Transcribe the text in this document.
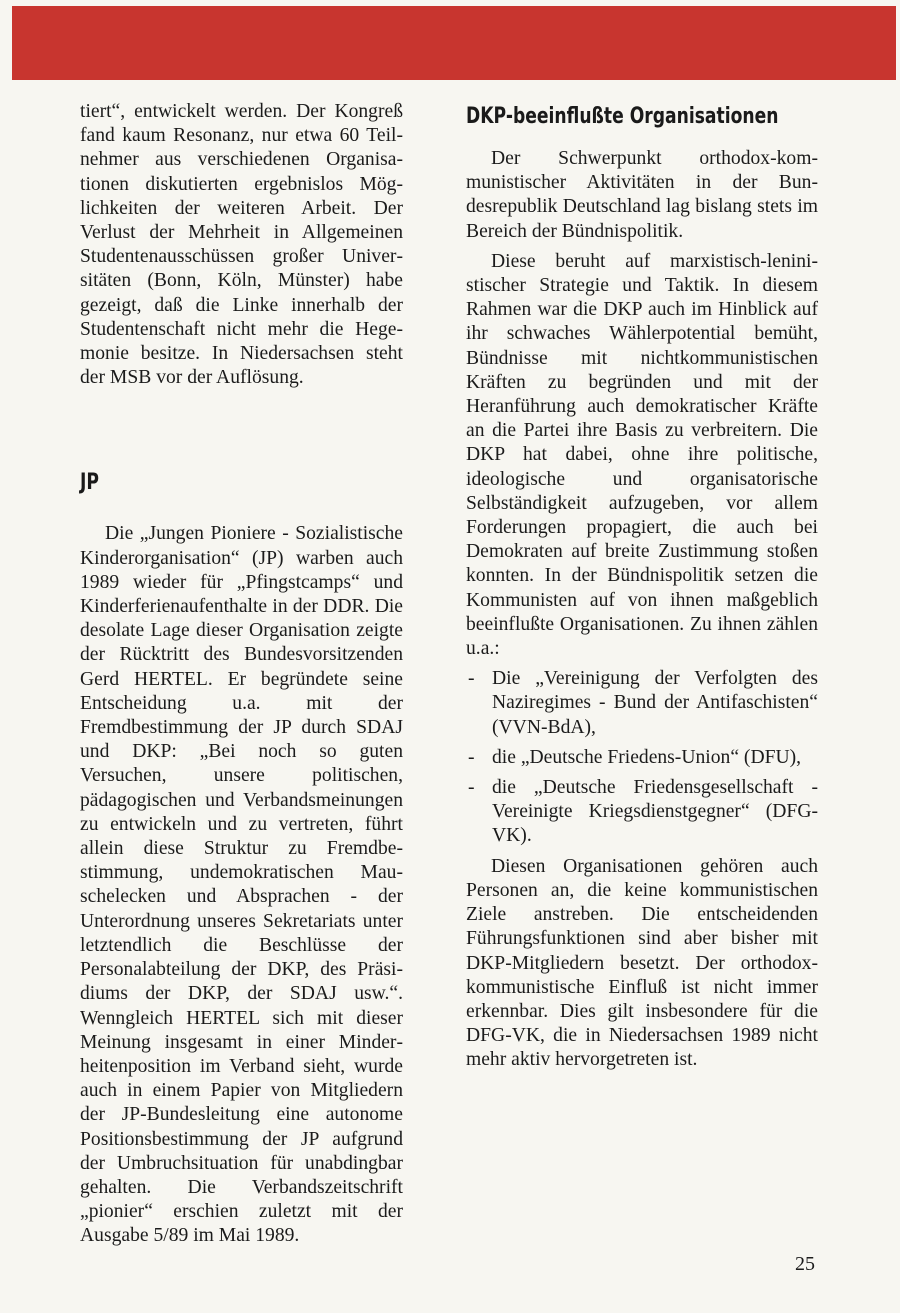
tiert“, entwickelt werden. Der Kongreß fand kaum Resonanz, nur etwa 60 Teilnehmer aus verschiedenen Organisationen diskutierten ergebnislos Möglichkeiten der weiteren Arbeit. Der Verlust der Mehrheit in Allgemeinen Studentenausschüssen großer Universitäten (Bonn, Köln, Münster) habe gezeigt, daß die Linke innerhalb der Studentenschaft nicht mehr die Hegemonie besitze. In Niedersachsen steht der MSB vor der Auflösung.

JP

Die „Jungen Pioniere - Sozialistische Kinderorganisation“ (JP) warben auch 1989 wieder für „Pfingstcamps“ und Kinderferienaufenthalte in der DDR. Die desolate Lage dieser Organisation zeigte der Rücktritt des Bundesvorsitzenden Gerd HERTEL. Er begründete seine Entscheidung u.a. mit der Fremdbestimmung der JP durch SDAJ und DKP: „Bei noch so guten Versuchen, unsere politischen, pädagogischen und Verbandsmeinungen zu entwickeln und zu vertreten, führt allein diese Struktur zu Fremdbestimmung, undemokratischen Mauschelecken und Absprachen - der Unterordnung unseres Sekretariats unter letztendlich die Beschlüsse der Personalabteilung der DKP, des Präsidiums der DKP, der SDAJ usw.“. Wenngleich HERTEL sich mit dieser Meinung insgesamt in einer Minderheitenposition im Verband sieht, wurde auch in einem Papier von Mitgliedern der JP-Bundesleitung eine autonome Positionsbestimmung der JP aufgrund der Umbruchsituation für unabdingbar gehalten. Die Verbandszeitschrift „pionier“ erschien zuletzt mit der Ausgabe 5/89 im Mai 1989.

DKP-beeinflußte Organisationen

Der Schwerpunkt orthodox-kommunistischer Aktivitäten in der Bundesrepublik Deutschland lag bislang stets im Bereich der Bündnispolitik.

Diese beruht auf marxistisch-leninistischer Strategie und Taktik. In diesem Rahmen war die DKP auch im Hinblick auf ihr schwaches Wählerpotential bemüht, Bündnisse mit nichtkommunistischen Kräften zu begründen und mit der Heranführung auch demokratischer Kräfte an die Partei ihre Basis zu verbreitern. Die DKP hat dabei, ohne ihre politische, ideologische und organisatorische Selbständigkeit aufzugeben, vor allem Forderungen propagiert, die auch bei Demokraten auf breite Zustimmung stoßen konnten. In der Bündnispolitik setzen die Kommunisten auf von ihnen maßgeblich beeinflußte Organisationen. Zu ihnen zählen u.a.:

- Die „Vereinigung der Verfolgten des Naziregimes - Bund der Antifaschisten“ (VVN-BdA),
- die „Deutsche Friedens-Union“ (DFU),
- die „Deutsche Friedensgesellschaft - Vereinigte Kriegsdienstgegner“ (DFG-VK).

Diesen Organisationen gehören auch Personen an, die keine kommunistischen Ziele anstreben. Die entscheidenden Führungsfunktionen sind aber bisher mit DKP-Mitgliedern besetzt. Der orthodox-kommunistische Einfluß ist nicht immer erkennbar. Dies gilt insbesondere für die DFG-VK, die in Niedersachsen 1989 nicht mehr aktiv hervorgetreten ist.

25
